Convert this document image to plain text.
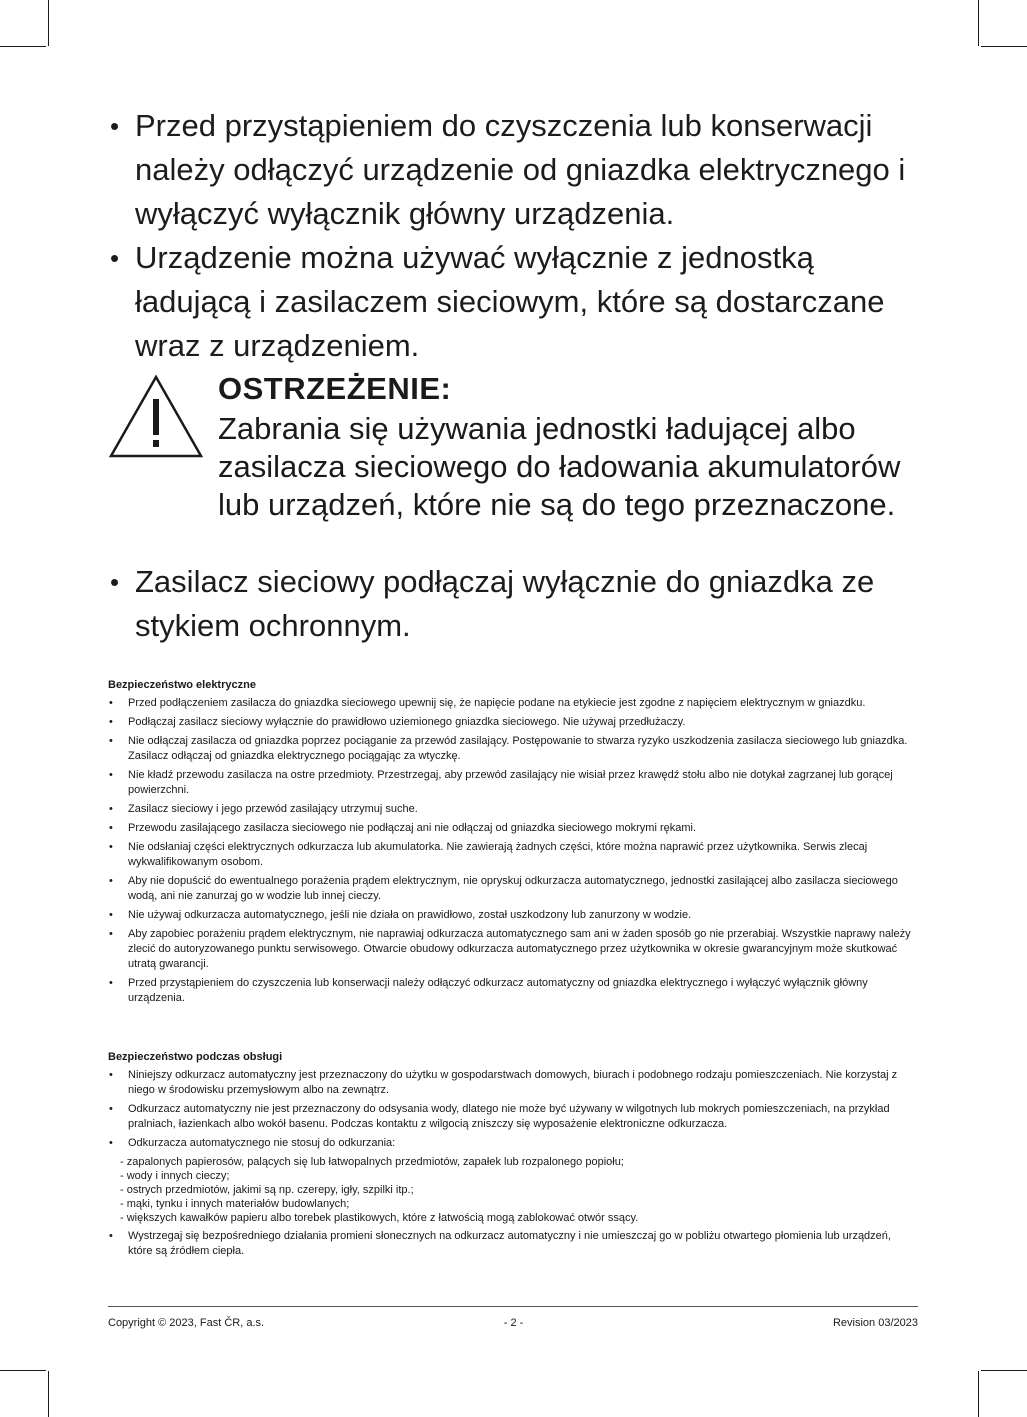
• Przed przystąpieniem do czyszczenia lub konserwacji należy odłączyć urządzenie od gniazdka elektrycznego i wyłączyć wyłącznik główny urządzenia.
• Urządzenie można używać wyłącznie z jednostką ładującą i zasilaczem sieciowym, które są dostarczane wraz z urządzeniem.
OSTRZEŻENIE:
Zabrania się używania jednostki ładującej albo zasilacza sieciowego do ładowania akumulatorów lub urządzeń, które nie są do tego przeznaczone.
• Zasilacz sieciowy podłączaj wyłącznie do gniazdka ze stykiem ochronnym.
Bezpieczeństwo elektryczne
• Przed podłączeniem zasilacza do gniazdka sieciowego upewnij się, że napięcie podane na etykiecie jest zgodne z napięciem elektrycznym w gniazdku.
• Podłączaj zasilacz sieciowy wyłącznie do prawidłowo uziemionego gniazdka sieciowego. Nie używaj przedłużaczy.
• Nie odłączaj zasilacza od gniazdka poprzez pociąganie za przewód zasilający. Postępowanie to stwarza ryzyko uszkodzenia zasilacza sieciowego lub gniazdka. Zasilacz odłączaj od gniazdka elektrycznego pociągając za wtyczkę.
• Nie kładź przewodu zasilacza na ostre przedmioty. Przestrzegaj, aby przewód zasilający nie wisiał przez krawędź stołu albo nie dotykał zagrzanej lub gorącej powierzchni.
• Zasilacz sieciowy i jego przewód zasilający utrzymuj suche.
• Przewodu zasilającego zasilacza sieciowego nie podłączaj ani nie odłączaj od gniazdka sieciowego mokrymi rękami.
• Nie odsłaniaj części elektrycznych odkurzacza lub akumulatorka. Nie zawierają żadnych części, które można naprawić przez użytkownika. Serwis zlecaj wykwalifikowanym osobom.
• Aby nie dopuścić do ewentualnego porażenia prądem elektrycznym, nie opryskuj odkurzacza automatycznego, jednostki zasilającej albo zasilacza sieciowego wodą, ani nie zanurzaj go w wodzie lub innej cieczy.
• Nie używaj odkurzacza automatycznego, jeśli nie działa on prawidłowo, został uszkodzony lub zanurzony w wodzie.
• Aby zapobiec porażeniu prądem elektrycznym, nie naprawiaj odkurzacza automatycznego sam ani w żaden sposób go nie przerabiaj. Wszystkie naprawy należy zlecić do autoryzowanego punktu serwisowego. Otwarcie obudowy odkurzacza automatycznego przez użytkownika w okresie gwarancyjnym może skutkować utratą gwarancji.
• Przed przystąpieniem do czyszczenia lub konserwacji należy odłączyć odkurzacz automatyczny od gniazdka elektrycznego i wyłączyć wyłącznik główny urządzenia.
Bezpieczeństwo podczas obsługi
• Niniejszy odkurzacz automatyczny jest przeznaczony do użytku w gospodarstwach domowych, biurach i podobnego rodzaju pomieszczeniach. Nie korzystaj z niego w środowisku przemysłowym albo na zewnątrz.
• Odkurzacz automatyczny nie jest przeznaczony do odsysania wody, dlatego nie może być używany w wilgotnych lub mokrych pomieszczeniach, na przykład pralniach, łazienkach albo wokół basenu. Podczas kontaktu z wilgocią zniszczy się wyposażenie elektroniczne odkurzacza.
• Odkurzacza automatycznego nie stosuj do odkurzania:
- zapalonych papierosów, palących się lub łatwopalnych przedmiotów, zapałek lub rozpalonego popiołu;
- wody i innych cieczy;
- ostrych przedmiotów, jakimi są np. czerepy, igły, szpilki itp.;
- mąki, tynku i innych materiałów budowlanych;
- większych kawałków papieru albo torebek plastikowych, które z łatwością mogą zablokować otwór ssący.
• Wystrzegaj się bezpośredniego działania promieni słonecznych na odkurzacz automatyczny i nie umieszczaj go w pobliżu otwartego płomienia lub urządzeń, które są źródłem ciepła.
Copyright © 2023, Fast ČR, a.s.	- 2 -	Revision 03/2023
